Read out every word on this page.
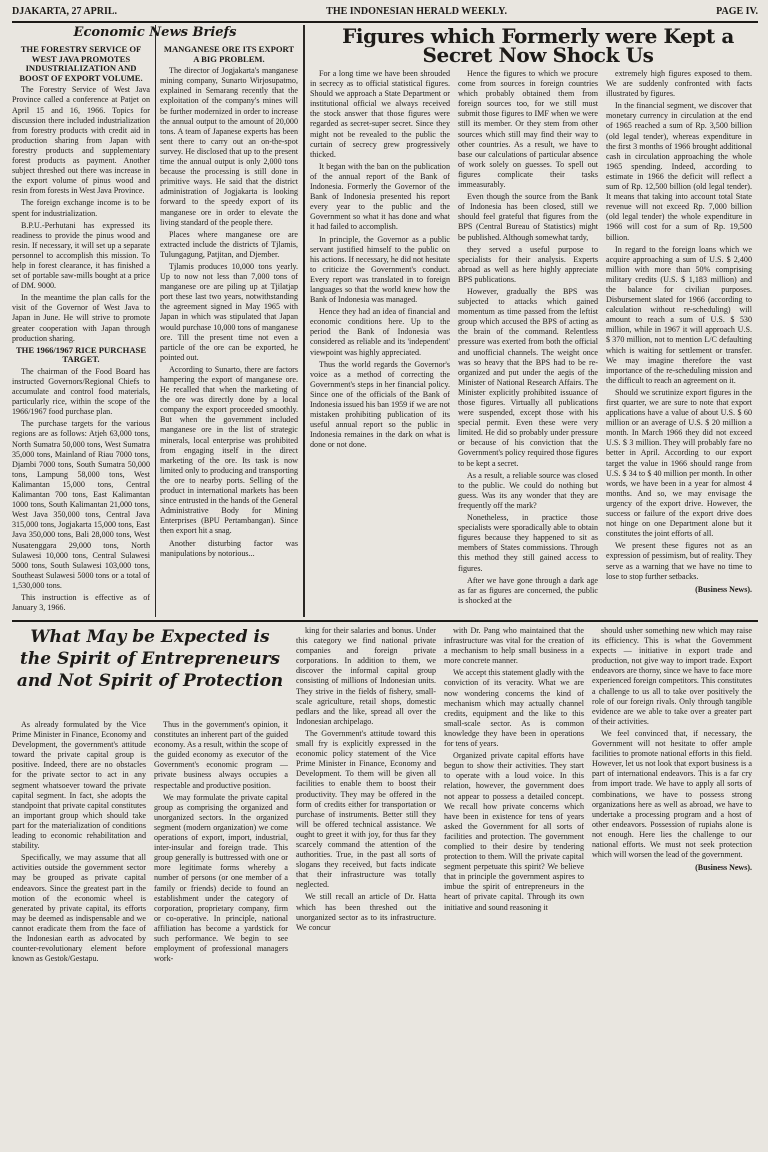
DJAKARTA, 27 APRIL.	THE INDONESIAN HERALD WEEKLY.	PAGE IV.
Economic News Briefs
THE FORESTRY SERVICE OF WEST JAVA PROMOTES INDUSTRIALIZATION AND BOOST OF EXPORT VOLUME.

The Forestry Service of West Java Province called a conference at Patjet on April 15 and 16, 1966. Topics for discussion there included industrialization from forestry products with credit aid in production sharing from Japan with forestry products and supplementary forest products as payment. Another subject threshed out there was increase in the export volume of pinus wood and resin from forests in West Java Province.

The foreign exchange income is to be spent for industrialization.

B.P.U.-Perhutani has expressed its readiness to provide the pinus wood and resin. If necessary, it will set up a separate personnel to accomplish this mission. To help in forest clearance, it has finished a set of portable saw-mills bought at a price of DM. 9000.

In the meantime the plan calls for the visit of the Governor of West Java to Japan in June. He will strive to promote greater cooperation with Japan through production sharing.

THE 1966/1967 RICE PURCHASE TARGET.

The chairman of the Food Board has instructed Governors/Regional Chiefs to accumulate and control food materials, particularly rice, within the scope of the 1966/1967 food purchase plan.

The purchase targets for the various regions are as follows: Atjeh 63,000 tons, North Sumatra 50,000 tons, West Sumatra 35,000 tons, Mainland of Riau 7000 tons, Djambi 7000 tons, South Sumatra 50,000 tons, Lampung 58,000 tons, West Kalimantan 15,000 tons, Central Kalimantan 700 tons, East Kalimantan 1000 tons, South Kalimantan 21,000 tons, West Java 350,000 tons, Central Java 315,000 tons, Jogjakarta 15,000 tons, East Java 350,000 tons, Bali 28,000 tons, West Nusatenggara 29,000 tons, North Sulawesi 10,000 tons, Central Sulawesi 5000 tons, South Sulawesi 103,000 tons, Southeast Sulawesi 5000 tons or a total of 1,530,000 tons.

This instruction is effective as of January 3, 1966.

MANGANESE ORE ITS EXPORT A BIG PROBLEM.

The director of Jogjakarta's manganese mining company, Sunarto Wirjosupatmo, explained in Semarang recently that the exploitation of the company's mines will be further modernized in order to increase the annual output to the amount of 20,000 tons. A team of Japanese experts has been sent there to carry out an on-the-spot survey. He disclosed that up to the present time the annual output is only 2,000 tons because the processing is still done in primitive ways. He said that the district administration of Jogjakarta is looking forward to the speedy export of its manganese ore in order to elevate the living standard of the people there.

Places where manganese ore are extracted include the districts of Tjlamis, Tulungagung, Patjitan, and Djember.

Tjlamis produces 10,000 tons yearly. Up to now not less than 7,000 tons of manganese ore are piling up at Tjilatjap port these last two years, notwithstanding the agreement signed in May 1965 with Japan in which was stipulated that Japan would purchase 10,000 tons of manganese ore. Till the present time not even a particle of the ore can be exported, he pointed out.

According to Sunarto, there are factors hampering the export of manganese ore. He recalled that when the marketing of the ore was directly done by a local company the export proceeded smoothly. But when the government included manganese ore in the list of strategic minerals, local enterprise was prohibited from engaging itself in the direct marketing of the ore. Its task is now limited only to producing and transporting the ore to nearby ports. Selling of the product in international markets has been since entrusted in the hands of the General Administrative Body for Mining Enterprises (BPU Pertambangan). Since then export hit a snag.

Another disturbing factor was manipulations by notorious...

Figures which Formerly were Kept a Secret Now Shock Us

For a long time we have been shrouded in secrecy as to official statistical figures. Should we approach a State Department or institutional official we always received the stock answer that those figures were regarded as secret-super secret. Since they might not be revealed to the public the curtain of secrecy grew progressively thicked.

It began with the ban on the publication of the annual report of the Bank of Indonesia. Formerly the Governor of the Bank of Indonesia presented his report every year to the public and the Government so what it has done and what it had failed to accomplish.

In principle, the Governor as a public servant justified himself to the public on his actions. If necessary, he did not hesitate to criticize the Government's conduct. Every report was translated in to foreign languages so that the world knew how the Bank of Indonesia was managed.

Hence they had an idea of financial and economic conditions here. Up to the period the Bank of Indonesia was considered as reliable and its 'independent' viewpoint was highly appreciated.

Thus the world regards the Governor's voice as a method of correcting the Government's steps in her financial policy. Since one of the officials of the Bank of Indonesia issued his ban 1959 if we are not mistaken prohibiting publication of its useful annual report so the public in Indonesia remaines in the dark on what is done or not done.

Hence the figures to which we procure come from sources in foreign countries which probably obtained them from foreign sources too, for we still must submit those figures to IMF when we were still its member. Or they stem from other sources which still may find their way to other countries. As a result, we have to base our calculations of particular absence of work solely on guesses. To spell out figures complicate their tasks immeasurably.

Even though the source from the Bank of Indonesia has been closed, still we should feel grateful that figures from the BPS (Central Bureau of Statistics) might be published. Although somewhat tardy,

they served a useful purpose to specialists for their analysis. Experts abroad as well as here highly appreciate BPS publications.

However, gradually the BPS was subjected to attacks which gained momentum as time passed from the leftist group which accused the BPS of acting as the brain of the command. Relentless pressure was exerted from both the official and unofficial channels. The weight once was so heavy that the BPS had to be re-organized and put under the aegis of the Minister of National Research Affairs. The Minister explicitly prohibited issuance of those figures. Virtually all publications were suspended, except those with his special permit. Even these were very limited. He did so probably under pressure or because of his conviction that the Government's policy required those figures to be kept a secret.

As a result, a reliable source was closed to the public. We could do nothing but guess. Was its any wonder that they are frequently off the mark?

Nonetheless, in practice those specialists were sporadically able to obtain figures because they happened to sit as members of States commissions. Through this method they still gained access to figures.

After we have gone through a dark age as far as figures are concerned, the public is shocked at the

extremely high figures exposed to them. We are suddenly confronted with facts illustrated by figures.

In the financial segment, we discover that monetary currency in circulation at the end of 1965 reached a sum of Rp. 3,500 billion (old legal tender), whereas expenditure in the first 3 months of 1966 brought additional cash in circulation approaching the whole 1965 spending. Indeed, according to estimate in 1966 the deficit will reflect a sum of Rp. 12,500 billion (old legal tender). It means that taking into account total State revenue will not exceed Rp. 7,000 billion (old legal tender) the whole expenditure in 1966 will cost for a sum of Rp. 19,500 billion.

In regard to the foreign loans which we acquire approaching a sum of U.S. $ 2,400 million with more than 50% comprising military credits (U.S. $ 1,183 million) and the balance for civilian purposes. Disbursement slated for 1966 (according to calculation without re-scheduling) will amount to reach a sum of U.S. $ 530 million, while in 1967 it will approach U.S. $ 370 million, not to mention L/C defaulting which is waiting for settlement or transfer. We may imagine therefore the vast importance of the re-scheduling mission and the difficult to reach an agreement on it.

Should we scrutinize export figures in the first quarter, we are sure to note that export applications have a value of about U.S. $ 60 million or an average of U.S. $ 20 million a month. In March 1966 they did not exceed U.S. $ 3 million. They will probably fare no better in April. According to our export target the value in 1966 should range from U.S. $ 34 to $ 40 million per month. In other words, we have been in a year for almost 4 months. And so, we may envisage the urgency of the export drive. However, the success or failure of the export drive does not hinge on one Department alone but it constitutes the joint efforts of all.

We present these figures not as an expression of pessimism, but of reality. They serve as a warning that we have no time to lose to stop further setbacks.

(Business News).
What May be Expected is the Spirit of Entrepreneurs and Not Spirit of Protection

As already formulated by the Vice Prime Minister in Finance, Economy and Development, the government's attitude toward the private capital group is positive. Indeed, there are no obstacles for the private sector to act in any segment whatsoever toward the private capital segment. In fact, she adopts the standpoint that private capital constitutes an important group which should take part for the materialization of conditions leading to economic rehabilitation and stability.

Specifically, we may assume that all activities outside the government sector may be grouped as private capital endeavors. Since the greatest part in the motion of the economic wheel is generated by private capital, its efforts may be deemed as indispensable and we cannot eradicate them from the face of the Indonesian earth as advocated by counter-revolutionary element before known as Gestok/Gestapu.

Thus in the government's opinion, it constitutes an inherent part of the guided economy. As a result, within the scope of the guided economy as executor of the Government's economic program — private business always occupies a respectable and productive position.

We may formulate the private capital group as comprising the organized and unorganized sectors. In the organized segment (modern organization) we come operations of export, import, industrial, inter-insular and foreign trade. This group generally is buttressed with one or more legitimate forms whereby a number of persons (or one member of a family or friends) decide to found an establishment under the category of corporation, proprietary company, firm or co-operative. In principle, national affiliation has become a yardstick for such performance. We begin to see employment of professional managers work-

king for their salaries and bonus. Under this category we find national private companies and foreign private corporations. In addition to them, we discover the informal capital group consisting of millions of Indonesian units. They strive in the fields of fishery, small-scale agriculture, retail shops, domestic pedlars and the like, spread all over the Indonesian archipelago.

The Government's attitude toward this small fry is explicitly expressed in the economic policy statement of the Vice Prime Minister in Finance, Economy and Development. To them will be given all facilities to enable them to boost their productivity. They may be offered in the form of credits either for transportation or purchase of instruments. Better still they will be offered technical assistance. We ought to greet it with joy, for thus far they scarcely command the attention of the authorities. True, in the past all sorts of slogans they received, but facts indicate that their infrastructure was totally neglected.

We still recall an article of Dr. Hatta which has been threshed out the unorganized sector as to its infrastructure. We concur

with Dr. Pang who maintained that the infrastructure was vital for the creation of a mechanism to help small business in a more concrete manner.

We accept this statement gladly with the conviction of its veracity. What we are now wondering concerns the kind of mechanism which may actually channel credits, equipment and the like to this small-scale sector. As is common knowledge they have been in operations for tens of years.

Organized private capital efforts have begun to show their activities. They start to operate with a loud voice. In this relation, however, the government does not appear to possess a detailed concept. We recall how private concerns which have been in existence for tens of years asked the Government for all sorts of facilities and protection. The government complied to their desire by tendering protection to them. Will the private capital segment perpetuate this spirit? We believe that in principle the government aspires to imbue the spirit of entrepreneurs in the heart of private capital. Through its own initiative and sound reasoning it

should usher something new which may raise its efficiency. This is what the Government expects — initiative in export trade and production, not give way to import trade. Export endeavors are thorny, since we have to face more experienced foreign competitors. This constitutes a challenge to us all to take over positively the role of our foreign rivals. Only through tangible evidence are we able to take over a greater part of their activities.

We feel convinced that, if necessary, the Government will not hesitate to offer ample facilities to promote national efforts in this field. However, let us not look that export business is a part of international endeavors. This is a far cry from import trade. We have to apply all sorts of combinations, we have to possess strong organizations here as well as abroad, we have to undertake a processing program and a host of other endeavors. Possession of rupiahs alone is not enough. Here lies the challenge to our national efforts. We must not seek protection which will worsen the lead of the government.

(Business News).
